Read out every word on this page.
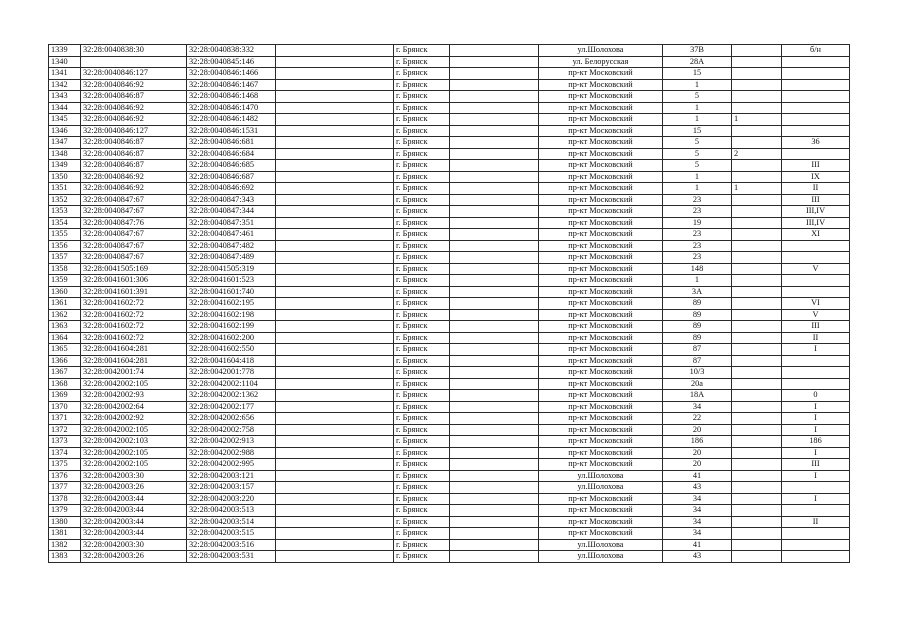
1339	32:28:0040838:30	32:28:0040838:332		г. Брянск		ул.Шолохова	37В		б/н
1340		32:28:0040845:146		г. Брянск		ул. Белорусская	28А		
1341	32:28:0040846:127	32:28:0040846:1466		г. Брянск		пр-кт Московский	15		
1342	32:28:0040846:92	32:28:0040846:1467		г. Брянск		пр-кт Московский	1		
1343	32:28:0040846:87	32:28:0040846:1468		г. Брянск		пр-кт Московский	5		
1344	32:28:0040846:92	32:28:0040846:1470		г. Брянск		пр-кт Московский	1		
1345	32:28:0040846:92	32:28:0040846:1482		г. Брянск		пр-кт Московский	1	1	
1346	32:28:0040846:127	32:28:0040846:1531		г. Брянск		пр-кт Московский	15		
1347	32:28:0040846:87	32:28:0040846:681		г. Брянск		пр-кт Московский	5		36
1348	32:28:0040846:87	32:28:0040846:684		г. Брянск		пр-кт Московский	5	2	
1349	32:28:0040846:87	32:28:0040846:685		г. Брянск		пр-кт Московский	5		III
1350	32:28:0040846:92	32:28:0040846:687		г. Брянск		пр-кт Московский	1		IX
1351	32:28:0040846:92	32:28:0040846:692		г. Брянск		пр-кт Московский	1	1	II
1352	32:28:0040847:67	32:28:0040847:343		г. Брянск		пр-кт Московский	23		III
1353	32:28:0040847:67	32:28:0040847:344		г. Брянск		пр-кт Московский	23		III,IV
1354	32:28:0040847:76	32:28:0040847:351		г. Брянск		пр-кт Московский	19		III,IV
1355	32:28:0040847:67	32:28:0040847:461		г. Брянск		пр-кт Московский	23		XI
1356	32:28:0040847:67	32:28:0040847:482		г. Брянск		пр-кт Московский	23		
1357	32:28:0040847:67	32:28:0040847:489		г. Брянск		пр-кт Московский	23		
1358	32:28:0041505:169	32:28:0041505:319		г. Брянск		пр-кт Московский	148		V
1359	32:28:0041601:306	32:28:0041601:523		г. Брянск		пр-кт Московский	1		
1360	32:28:0041601:391	32:28:0041601:740		г. Брянск		пр-кт Московский	3А		
1361	32:28:0041602:72	32:28:0041602:195		г. Брянск		пр-кт Московский	89		VI
1362	32:28:0041602:72	32:28:0041602:198		г. Брянск		пр-кт Московский	89		V
1363	32:28:0041602:72	32:28:0041602:199		г. Брянск		пр-кт Московский	89		III
1364	32:28:0041602:72	32:28:0041602:200		г. Брянск		пр-кт Московский	89		II
1365	32:28:0041604:281	32:28:0041602:550		г. Брянск		пр-кт Московский	87		I
1366	32:28:0041604:281	32:28:0041604:418		г. Брянск		пр-кт Московский	87		
1367	32:28:0042001:74	32:28:0042001:778		г. Брянск		пр-кт Московский	10/3		
1368	32:28:0042002:105	32:28:0042002:1104		г. Брянск		пр-кт Московский	20а		
1369	32:28:0042002:93	32:28:0042002:1362		г. Брянск		пр-кт Московский	18А		0
1370	32:28:0042002:64	32:28:0042002:177		г. Брянск		пр-кт Московский	34		I
1371	32:28:0042002:92	32:28:0042002:656		г. Брянск		пр-кт Московский	22		I
1372	32:28:0042002:105	32:28:0042002:758		г. Брянск		пр-кт Московский	20		I
1373	32:28:0042002:103	32:28:0042002:913		г. Брянск		пр-кт Московский	186		186
1374	32:28:0042002:105	32:28:0042002:988		г. Брянск		пр-кт Московский	20		I
1375	32:28:0042002:105	32:28:0042002:995		г. Брянск		пр-кт Московский	20		III
1376	32:28:0042003:30	32:28:0042003:121		г. Брянск		ул.Шолохова	41		I
1377	32:28:0042003:26	32:28:0042003:157		г. Брянск		ул.Шолохова	43		
1378	32:28:0042003:44	32:28:0042003:220		г. Брянск		пр-кт Московский	34		I
1379	32:28:0042003:44	32:28:0042003:513		г. Брянск		пр-кт Московский	34		
1380	32:28:0042003:44	32:28:0042003:514		г. Брянск		пр-кт Московский	34		II
1381	32:28:0042003:44	32:28:0042003:515		г. Брянск		пр-кт Московский	34		
1382	32:28:0042003:30	32:28:0042003:516		г. Брянск		ул.Шолохова	41		
1383	32:28:0042003:26	32:28:0042003:531		г. Брянск		ул.Шолохова	43		
